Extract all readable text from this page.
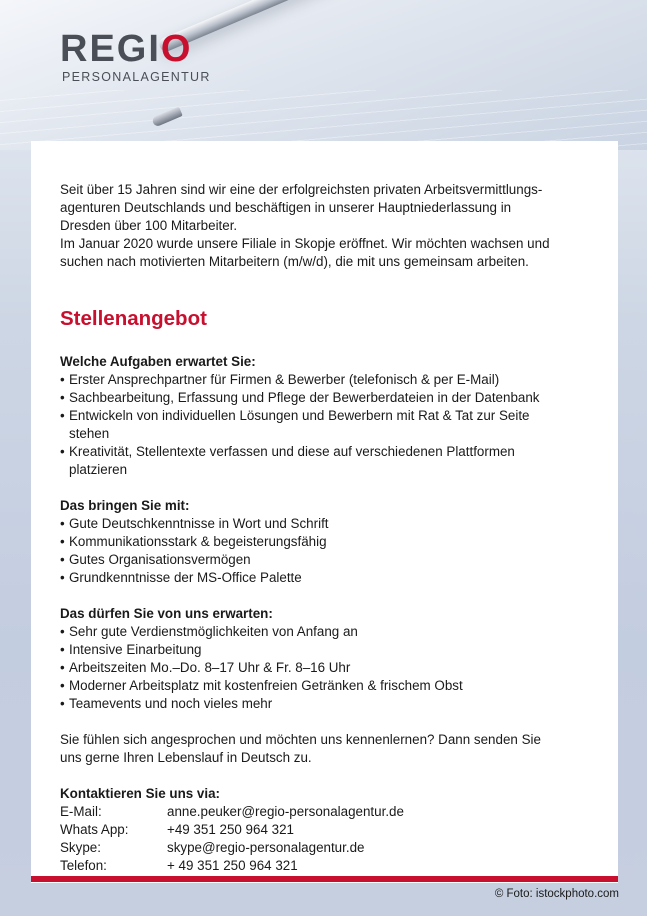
REGIO
PERSONALAGENTUR

Seit über 15 Jahren sind wir eine der erfolgreichsten privaten Arbeitsvermittlungs-

agenturen Deutschlands und beschäftigen in unserer Hauptniederlassung in

Dresden über 100 Mitarbeiter.

Im Januar 2020 wurde unsere Filiale in Skopje eröffnet. Wir möchten wachsen und

suchen nach motivierten Mitarbeitern (m/w/d), die mit uns gemeinsam arbeiten.

Stellenangebot
Welche Aufgaben erwartet Sie:
• Erster Ansprechpartner für Firmen & Bewerber (telefonisch & per E-Mail)
• Sachbearbeitung, Erfassung und Pflege der Bewerberdateien in der Datenbank
• Entwickeln von individuellen Lösungen und Bewerbern mit Rat & Tat zur Seite stehen
• Kreativität, Stellentexte verfassen und diese auf verschiedenen Plattformen platzieren
Das bringen Sie mit:
• Gute Deutschkenntnisse in Wort und Schrift
• Kommunikationsstark & begeisterungsfähig
• Gutes Organisationsvermögen
• Grundkenntnisse der MS-Office Palette
Das dürfen Sie von uns erwarten:
• Sehr gute Verdienstmöglichkeiten von Anfang an
• Intensive Einarbeitung
• Arbeitszeiten Mo.–Do. 8–17 Uhr & Fr. 8–16 Uhr
• Moderner Arbeitsplatz mit kostenfreien Getränken & frischem Obst
• Teamevents und noch vieles mehr

Sie fühlen sich angesprochen und möchten uns kennenlernen? Dann senden Sie

uns gerne Ihren Lebenslauf in Deutsch zu.

Kontaktieren Sie uns via:
E-Mail:	anne.peuker@regio-personalagentur.de
Whats App:	+49 351 250 964 321
Skype:	skype@regio-personalagentur.de
Telefon:	+ 49 351 250 964 321
© Foto: istockphoto.com
